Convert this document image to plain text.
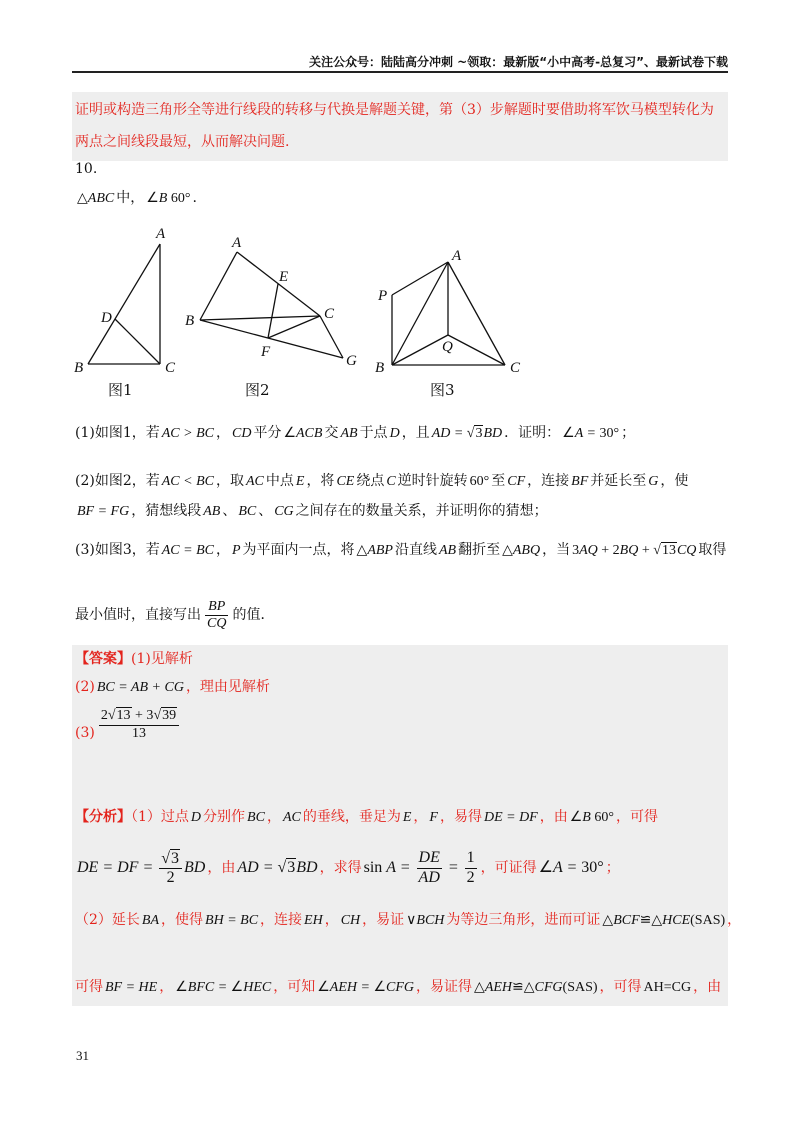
关注公众号：陆陆高分冲刺 ~领取：最新版“小中高考-总复习”、最新试卷下载
证明或构造三角形全等进行线段的转移与代换是解题关键，第（3）步解题时要借助将军饮马模型转化为
两点之间线段最短，从而解决问题.
10.
△ABC 中， ∠B 60° .
A
D
B	C
图1
A
E
C
B
F
G
图2
A
P
Q
B	C
图3
(1)如图1，若 AC > BC ， CD 平分 ∠ACB 交 AB 于点 D ，且 AD = √ 3BD ．证明： ∠A = 30° ；
(2)如图2，若 AC < BC ，取 AC 中点 E ，将 CE 绕点 C 逆时针旋转 60° 至 CF ，连接 BF 并延长至 G ，使
BF = FG ，猜想线段 AB 、 BC 、 CG 之间存在的数量关系，并证明你的猜想；
(3)如图3，若 AC = BC ， P 为平面内一点，将 △ABP 沿直线 AB 翻折至 △ABQ ，当 3AQ + 2BQ + √ 13CQ 取得
最小值时，直接写出 $\frac{BP}{CQ}$ 的值．
【答案】(1)见解析
(2) BC = AB + CG ，理由见解析
$(3) \frac{2 √ 13 + 3 √ 39}{13}$
【分析】（1）过点 D 分别作 BC ， AC 的垂线，垂足为 E ， F ，易得 DE = DF ，由 ∠B 60° ，可得
DE = DF = √ $\frac{3}{2}$ BD ，由 AD = √ 3BD ，求得 $\sin A = \frac{DE}{AD} = \frac{1}{2}$ ，可证得 ∠A = 30° ；
（2）延长 BA ，使得 BH = BC ，连接 EH ， CH ，易证 ∨BCH 为等边三角形，进而可证 △BCF≌△HCE(SAS) ，
可得 BF = HE ， ∠BFC = ∠HEC ，可知 ∠AEH = ∠CFG ，易证得 △AEH≌△CFG(SAS) ，可得 AH=CG ，由
31
